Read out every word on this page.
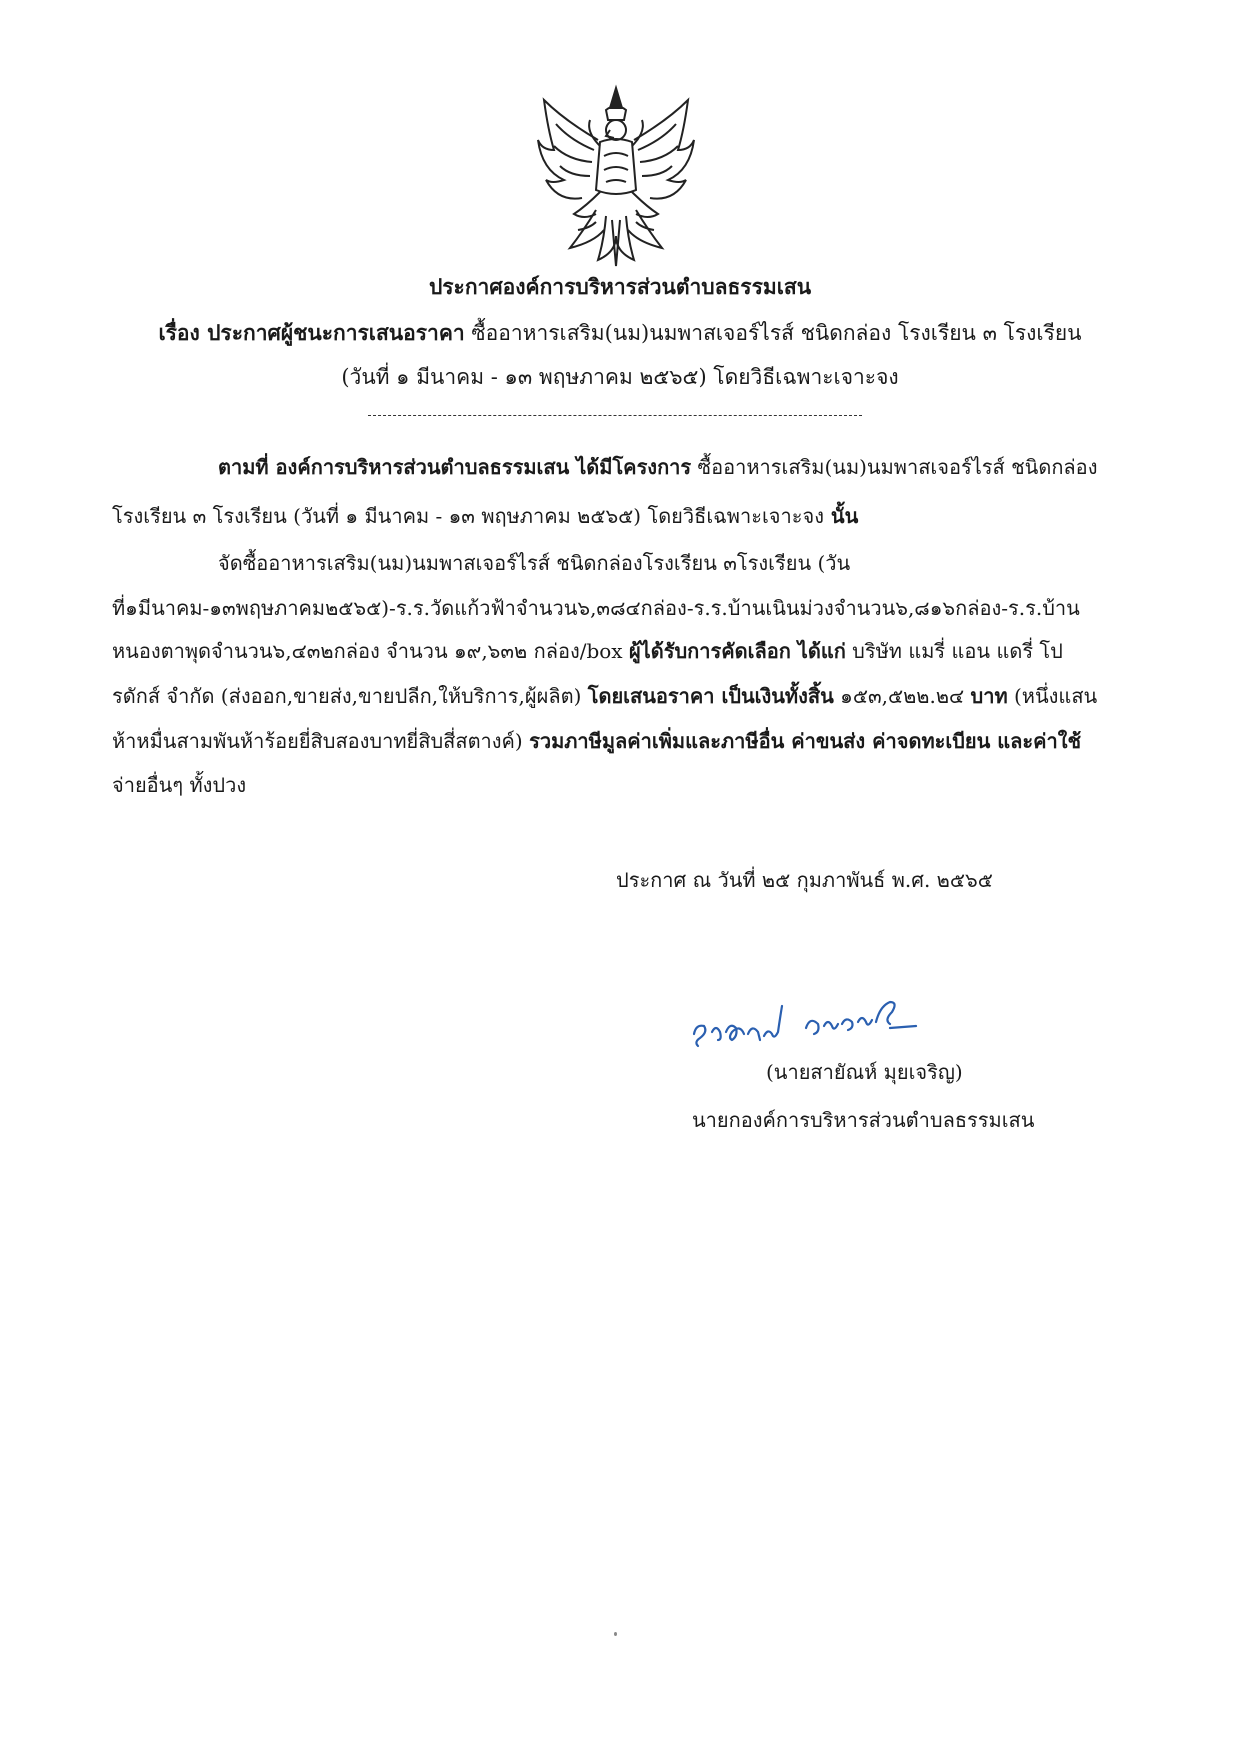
ประกาศองค์การบริหารส่วนตำบลธรรมเสน
เรื่อง ประกาศผู้ชนะการเสนอราคา ซื้ออาหารเสริม(นม)นมพาสเจอร์ไรส์ ชนิดกล่อง โรงเรียน ๓ โรงเรียน
(วันที่ ๑ มีนาคม - ๑๓ พฤษภาคม ๒๕๖๕) โดยวิธีเฉพาะเจาะจง
ตามที่ องค์การบริหารส่วนตำบลธรรมเสน ได้มีโครงการ ซื้ออาหารเสริม(นม)นมพาสเจอร์ไรส์ ชนิดกล่อง
โรงเรียน ๓ โรงเรียน (วันที่ ๑ มีนาคม - ๑๓ พฤษภาคม ๒๕๖๕) โดยวิธีเฉพาะเจาะจง นั้น
จัดซื้ออาหารเสริม(นม)นมพาสเจอร์ไรส์ ชนิดกล่องโรงเรียน ๓โรงเรียน (วัน
ที่๑มีนาคม-๑๓พฤษภาคม๒๕๖๕)-ร.ร.วัดแก้วฟ้าจำนวน๖,๓๘๔กล่อง-ร.ร.บ้านเนินม่วงจำนวน๖,๘๑๖กล่อง-ร.ร.บ้าน
หนองตาพุดจำนวน๖,๔๓๒กล่อง จำนวน ๑๙,๖๓๒ กล่อง/box ผู้ได้รับการคัดเลือก ได้แก่ บริษัท แมรี่ แอน แดรี่ โป
รดักส์ จำกัด (ส่งออก,ขายส่ง,ขายปลีก,ให้บริการ,ผู้ผลิต) โดยเสนอราคา เป็นเงินทั้งสิ้น ๑๕๓,๕๒๒.๒๔ บาท (หนึ่งแสน
ห้าหมื่นสามพันห้าร้อยยี่สิบสองบาทยี่สิบสี่สตางค์) รวมภาษีมูลค่าเพิ่มและภาษีอื่น ค่าขนส่ง ค่าจดทะเบียน และค่าใช้
จ่ายอื่นๆ ทั้งปวง
ประกาศ ณ วันที่ ๒๕ กุมภาพันธ์ พ.ศ. ๒๕๖๕
(นายสายัณห์ มุยเจริญ)
นายกองค์การบริหารส่วนตำบลธรรมเสน
